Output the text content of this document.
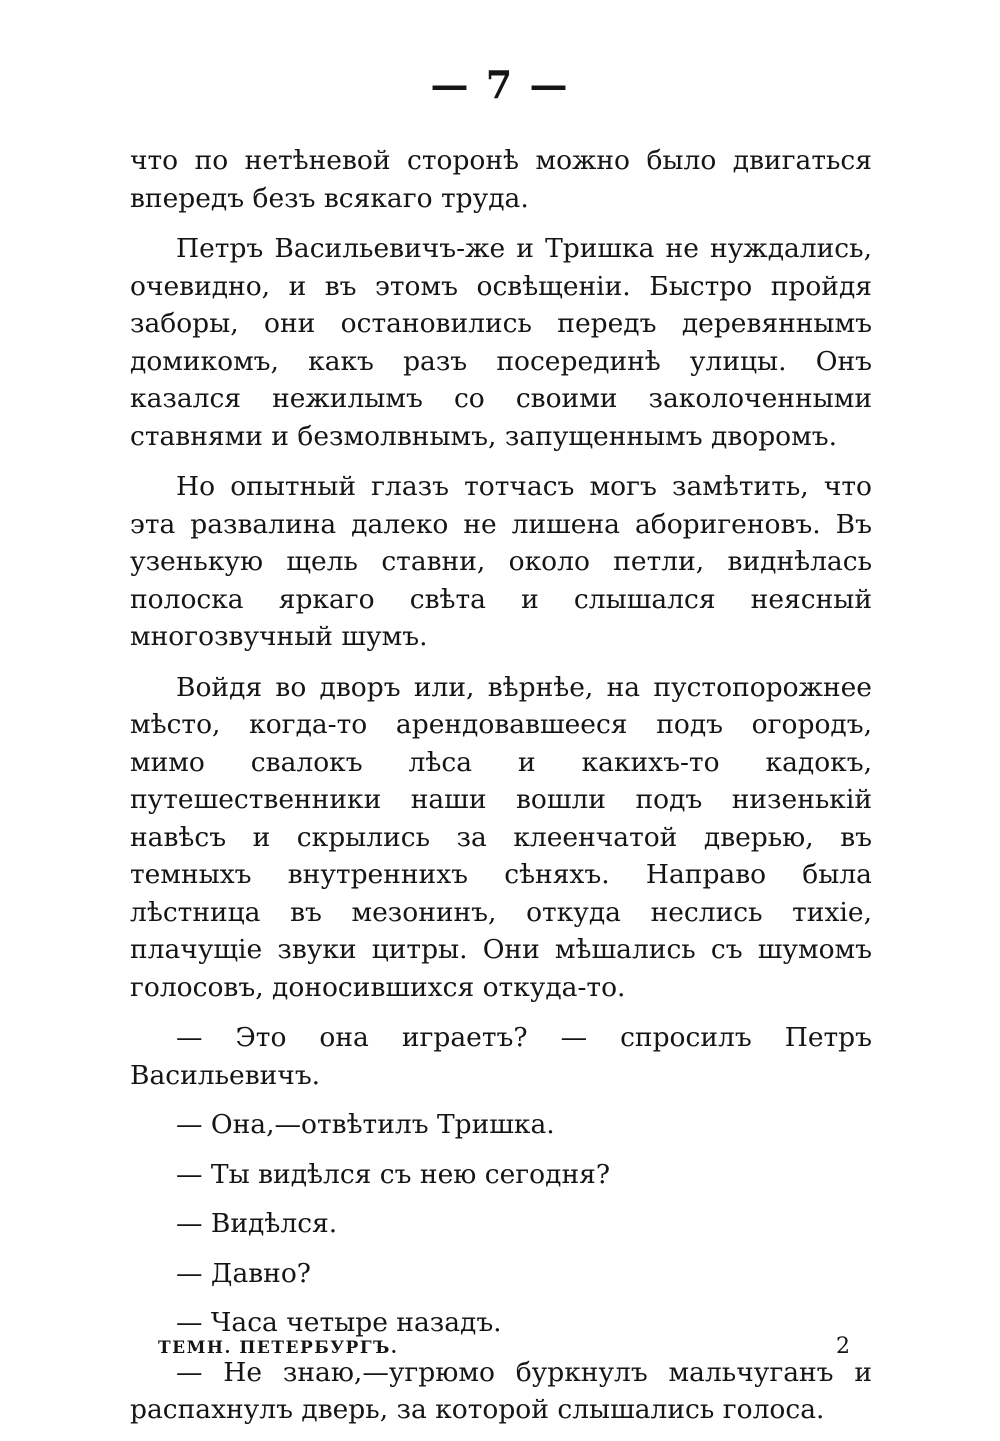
— 7 —

что по нетѣневой сторонѣ можно было двигаться впередъ безъ всякаго труда.

Петръ Васильевичъ-же и Тришка не нуждались, очевидно, и въ этомъ освѣщеніи. Быстро пройдя заборы, они остановились передъ деревяннымъ домикомъ, какъ разъ посерединѣ улицы. Онъ казался нежилымъ со своими заколоченными ставнями и безмолвнымъ, запущеннымъ дворомъ.

Но опытный глазъ тотчасъ могъ замѣтить, что эта развалина далеко не лишена аборигеновъ. Въ узенькую щель ставни, около петли, виднѣлась полоска яркаго свѣта и слышался неясный многозвучный шумъ.

Войдя во дворъ или, вѣрнѣе, на пустопорожнее мѣсто, когда-то арендовавшееся подъ огородъ, мимо свалокъ лѣса и какихъ-то кадокъ, путешественники наши вошли подъ низенькій навѣсъ и скрылись за клеенчатой дверью, въ темныхъ внутреннихъ сѣняхъ. Направо была лѣстница въ мезонинъ, откуда неслись тихіе, плачущіе звуки цитры. Они мѣшались съ шумомъ голосовъ, доносившихся откуда-то.

— Это она играетъ? — спросилъ Петръ Васильевичъ.

— Она,—отвѣтилъ Тришка.

— Ты видѣлся съ нею сегодня?

— Видѣлся.

— Давно?

— Часа четыре назадъ.

— Не знаю,—угрюмо буркнулъ мальчуганъ и распахнулъ дверь, за которой слышались голоса.

ТЕМН. ПЕТЕРБУРГЪ.	2
